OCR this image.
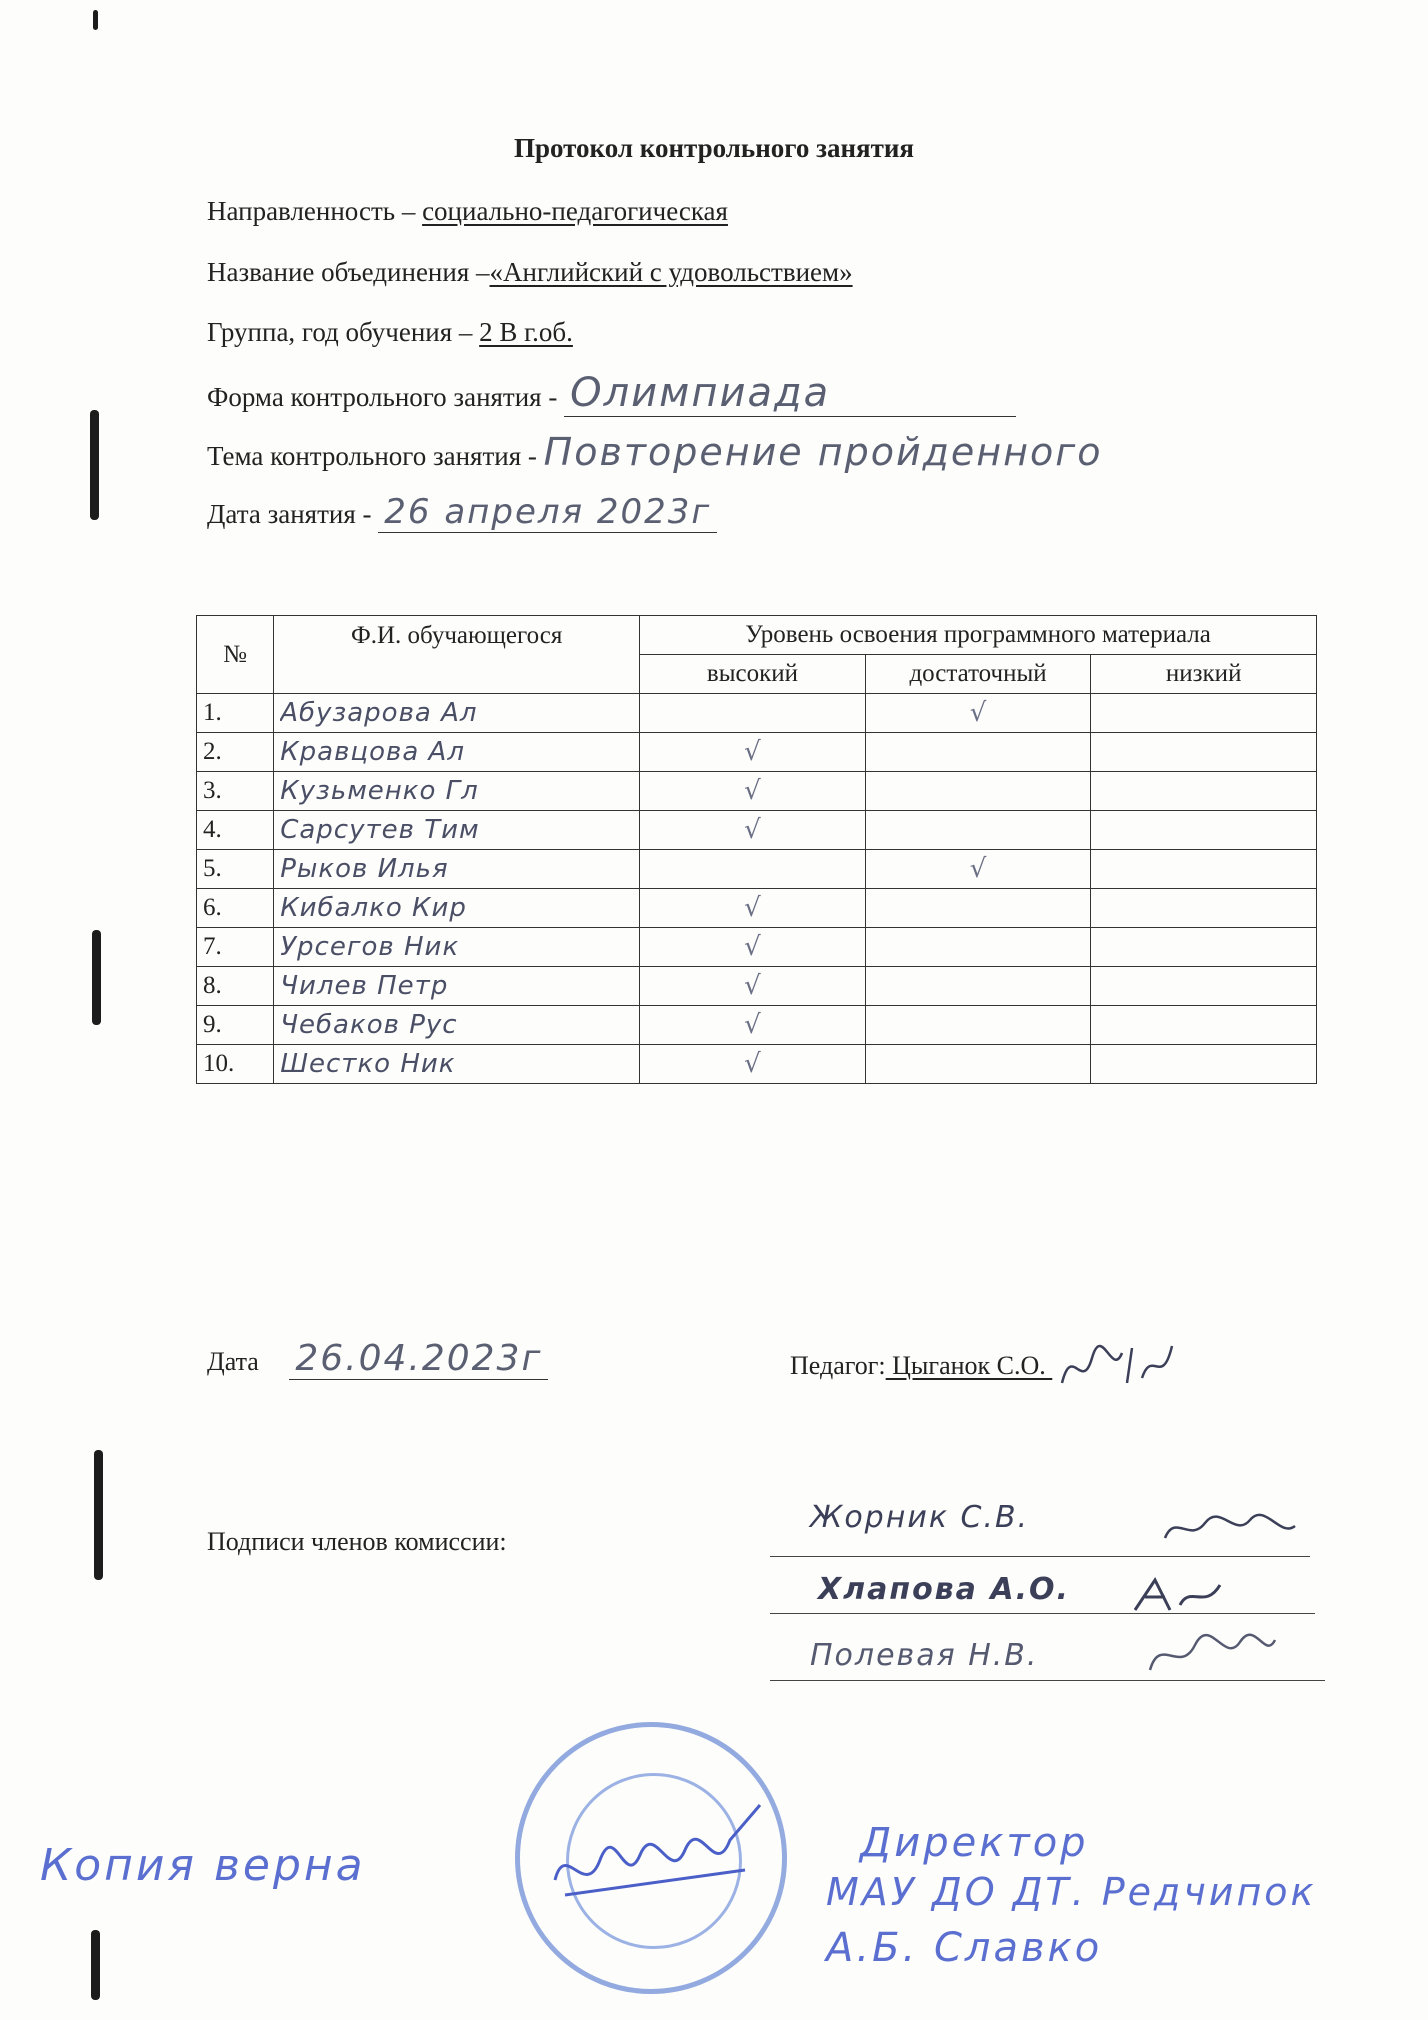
Протокол контрольного занятия
Направленность – социально-педагогическая
Название объединения –«Английский с удовольствием»
Группа, год обучения – 2 В г.об.
Форма контрольного занятия - Олимпиада
Тема контрольного занятия - Повторение пройденного
Дата занятия - 26 апреля 2023г
№	Ф.И. обучающегося	Уровень освоения программного материала		
		высокий	достаточный	низкий
1.	Абузарова Ал		√	
2.	Кравцова Ал	√		
3.	Кузьменко Гл	√		
4.	Сарсутев Тим	√		
5.	Рыков Илья		√	
6.	Кибалко Кир	√		
7.	Урсегов Ник	√		
8.	Чилев Петр	√		
9.	Чебаков Рус	√		
10.	Шестко Ник	√		
Дата 26.04.2023г	Педагог: Цыганок С.О.
Подписи членов комиссии:
Жорник С.В.
Хлапова А.О.
Полевая Н.В.
Копия верна	Директор
МАУ ДО ДТ. Редчипок
А.Б. Славко
